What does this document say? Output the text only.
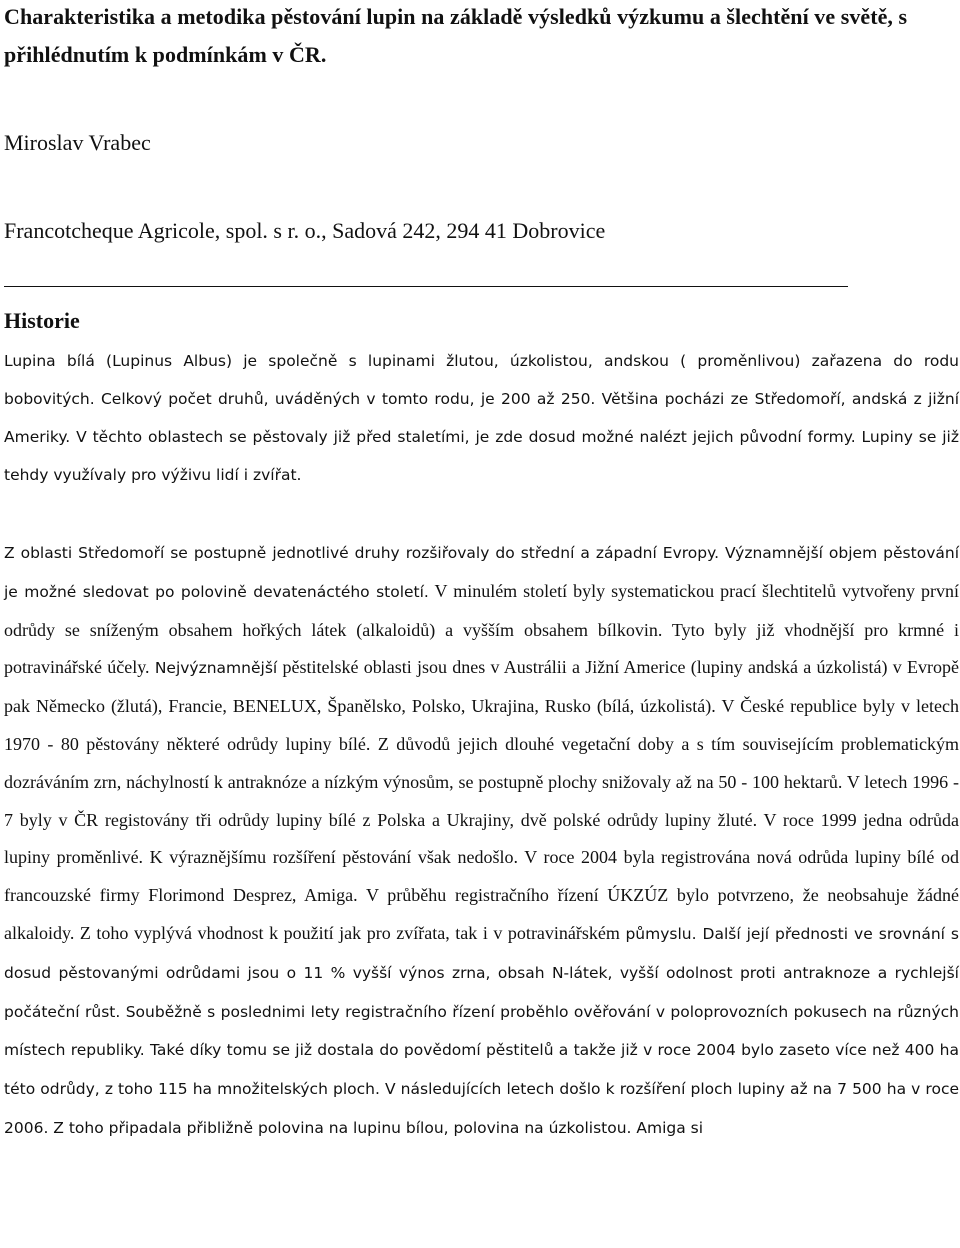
Charakteristika a metodika pěstování lupin na základě výsledků výzkumu a šlechtění ve světě, s přihlédnutím k podmínkám v ČR.

Miroslav Vrabec

Francotcheque Agricole, spol. s r. o., Sadová 242, 294 41 Dobrovice

Historie

Lupina bílá (Lupinus Albus) je společně s lupinami žlutou, úzkolistou, andskou ( proměnlivou) zařazena do rodu bobovitých. Celkový počet druhů, uváděných v tomto rodu, je 200 až 250. Většina pocházi ze Středomoří, andská z jižní Ameriky. V těchto oblastech se pěstovaly již před staletími, je zde dosud možné nalézt jejich původní formy. Lupiny se již tehdy využívaly pro výživu lidí i zvířat.

Z oblasti Středomoří se postupně jednotlivé druhy rozšiřovaly do střední a západní Evropy. Významnější objem pěstování je možné sledovat po polovině devatenáctého století. V minulém století byly systematickou prací šlechtitelů vytvořeny první odrůdy se sníženým obsahem hořkých látek (alkaloidů) a vyšším obsahem bílkovin. Tyto byly již vhodnější pro krmné i potravinářské účely. Nejvýznamnější pěstitelské oblasti jsou dnes v Austrálii a Jižní Americe (lupiny andská a úzkolistá) v Evropě pak Německo (žlutá), Francie, BENELUX, Španělsko, Polsko, Ukrajina, Rusko (bílá, úzkolistá). V České republice byly v letech 1970 - 80 pěstovány některé odrůdy lupiny bílé. Z důvodů jejich dlouhé vegetační doby a s tím souvisejícím problematickým dozráváním zrn, náchylností k antraknóze a nízkým výnosům, se postupně plochy snižovaly až na 50 - 100 hektarů. V letech 1996 - 7 byly v ČR registovány tři odrůdy lupiny bílé z Polska a Ukrajiny, dvě polské odrůdy lupiny žluté. V roce 1999 jedna odrůda lupiny proměnlivé. K výraznějšímu rozšíření pěstování však nedošlo. V roce 2004 byla registrována nová odrůda lupiny bílé od francouzské firmy Florimond Desprez, Amiga. V průběhu registračního řízení ÚKZÚZ bylo potvrzeno, že neobsahuje žádné alkaloidy. Z toho vyplývá vhodnost k použití jak pro zvířata, tak i v potravinářském půmyslu. Další její přednosti ve srovnání s dosud pěstovanými odrůdami jsou o 11 % vyšší výnos zrna, obsah N-látek, vyšší odolnost proti antraknoze a rychlejší počáteční růst. Souběžně s poslednimi lety registračního řízení proběhlo ověřování v poloprovozních pokusech na různých místech republiky. Také díky tomu se již dostala do povědomí pěstitelů a takže již v roce 2004 bylo zaseto více než 400 ha této odrůdy, z toho 115 ha množitelských ploch. V následujících letech došlo k rozšíření ploch lupiny až na 7 500 ha v roce 2006. Z toho připadala přibližně polovina na lupinu bílou, polovina na úzkolistou. Amiga si
